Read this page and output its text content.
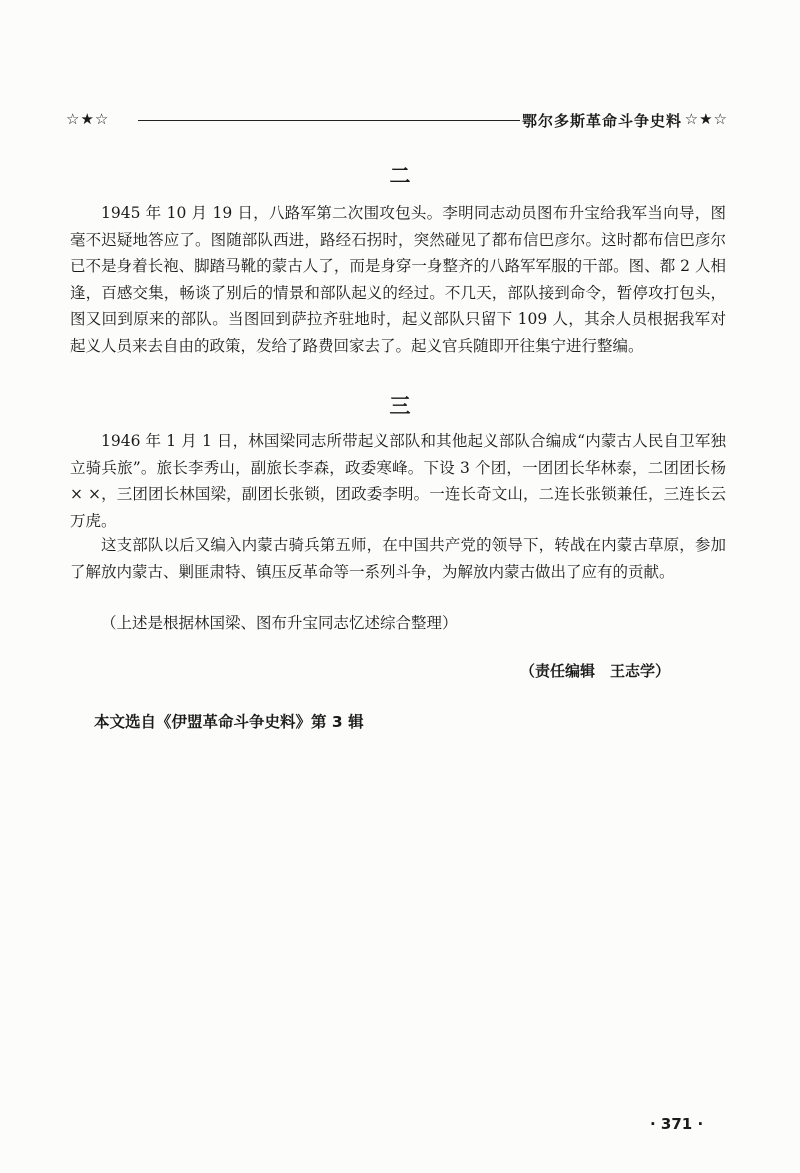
☆★☆	鄂尔多斯革命斗争史料 ☆★☆
二

1945 年 10 月 19 日，八路军第二次围攻包头。李明同志动员图布升宝给我军当向导，图毫不迟疑地答应了。图随部队西进，路经石拐时，突然碰见了都布信巴彦尔。这时都布信巴彦尔已不是身着长袍、脚踏马靴的蒙古人了，而是身穿一身整齐的八路军军服的干部。图、都 2 人相逢，百感交集，畅谈了别后的情景和部队起义的经过。不几天，部队接到命令，暂停攻打包头，图又回到原来的部队。当图回到萨拉齐驻地时，起义部队只留下 109 人，其余人员根据我军对起义人员来去自由的政策，发给了路费回家去了。起义官兵随即开往集宁进行整编。

三

1946 年 1 月 1 日，林国梁同志所带起义部队和其他起义部队合编成“内蒙古人民自卫军独立骑兵旅”。旅长李秀山，副旅长李森，政委寒峰。下设 3 个团，一团团长华林泰，二团团长杨 × ×，三团团长林国梁，副团长张锁，团政委李明。一连长奇文山，二连长张锁兼任，三连长云万虎。

这支部队以后又编入内蒙古骑兵第五师，在中国共产党的领导下，转战在内蒙古草原，参加了解放内蒙古、剿匪肃特、镇压反革命等一系列斗争，为解放内蒙古做出了应有的贡献。

（上述是根据林国梁、图布升宝同志忆述综合整理）

（责任编辑　王志学）

本文选自《伊盟革命斗争史料》第 3 辑

· 371 ·
